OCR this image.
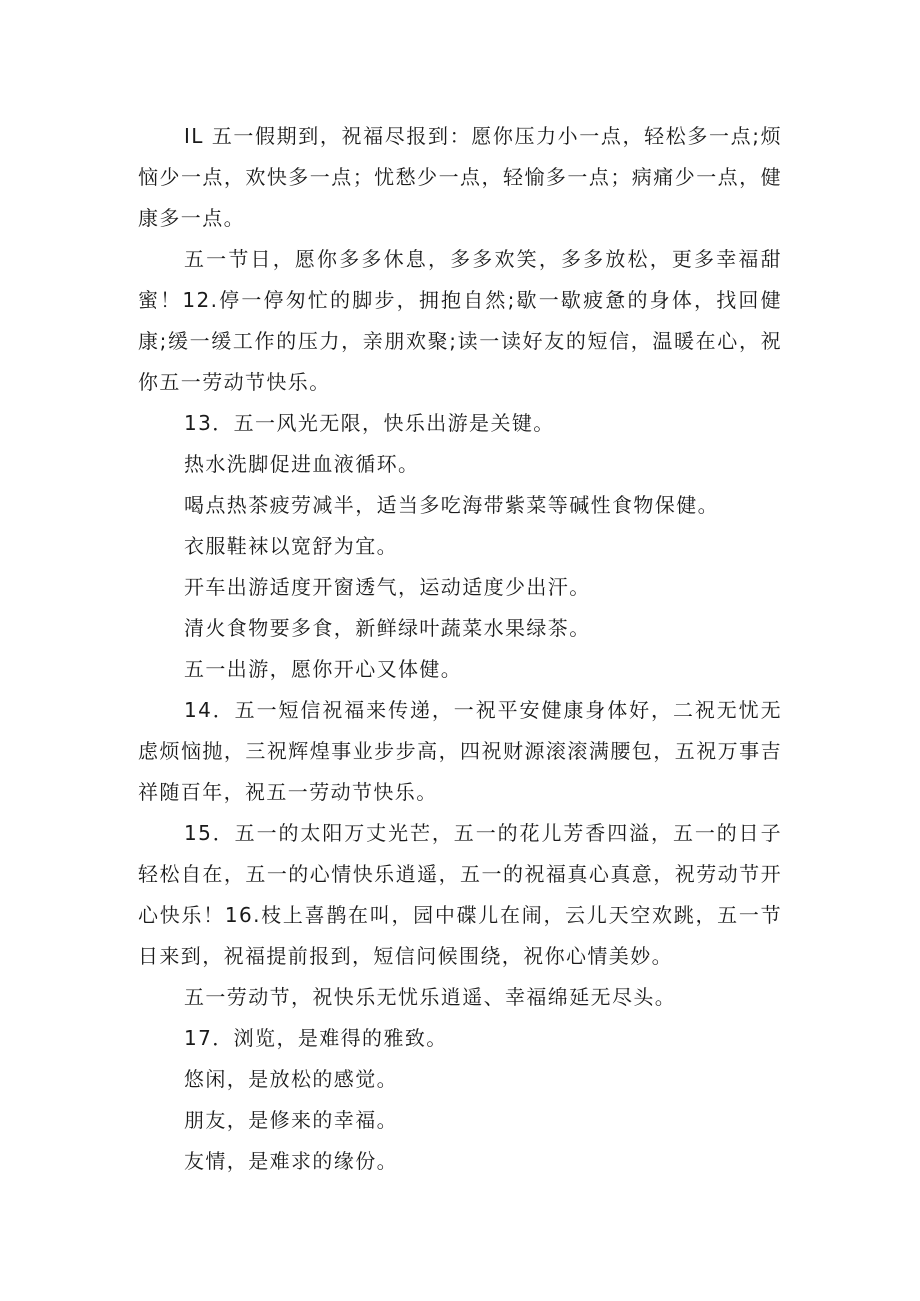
IL 五一假期到，祝福尽报到：愿你压力小一点，轻松多一点;烦恼少一点，欢快多一点；忧愁少一点，轻愉多一点；病痛少一点，健康多一点。

五一节日，愿你多多休息，多多欢笑，多多放松，更多幸福甜蜜！12.停一停匆忙的脚步，拥抱自然;歇一歇疲惫的身体，找回健康;缓一缓工作的压力，亲朋欢聚;读一读好友的短信，温暖在心，祝你五一劳动节快乐。

13．五一风光无限，快乐出游是关键。

热水洗脚促进血液循环。

喝点热茶疲劳减半，适当多吃海带紫菜等碱性食物保健。

衣服鞋袜以宽舒为宜。

开车出游适度开窗透气，运动适度少出汗。

清火食物要多食，新鲜绿叶蔬菜水果绿茶。

五一出游，愿你开心又体健。

14．五一短信祝福来传递，一祝平安健康身体好，二祝无忧无虑烦恼抛，三祝辉煌事业步步高，四祝财源滚滚满腰包，五祝万事吉祥随百年，祝五一劳动节快乐。

15．五一的太阳万丈光芒，五一的花儿芳香四溢，五一的日子轻松自在，五一的心情快乐逍遥，五一的祝福真心真意，祝劳动节开心快乐！16.枝上喜鹊在叫，园中碟儿在闹，云儿天空欢跳，五一节日来到，祝福提前报到，短信问候围绕，祝你心情美妙。

五一劳动节，祝快乐无忧乐逍遥、幸福绵延无尽头。

17．浏览，是难得的雅致。

悠闲，是放松的感觉。

朋友，是修来的幸福。

友情，是难求的缘份。
